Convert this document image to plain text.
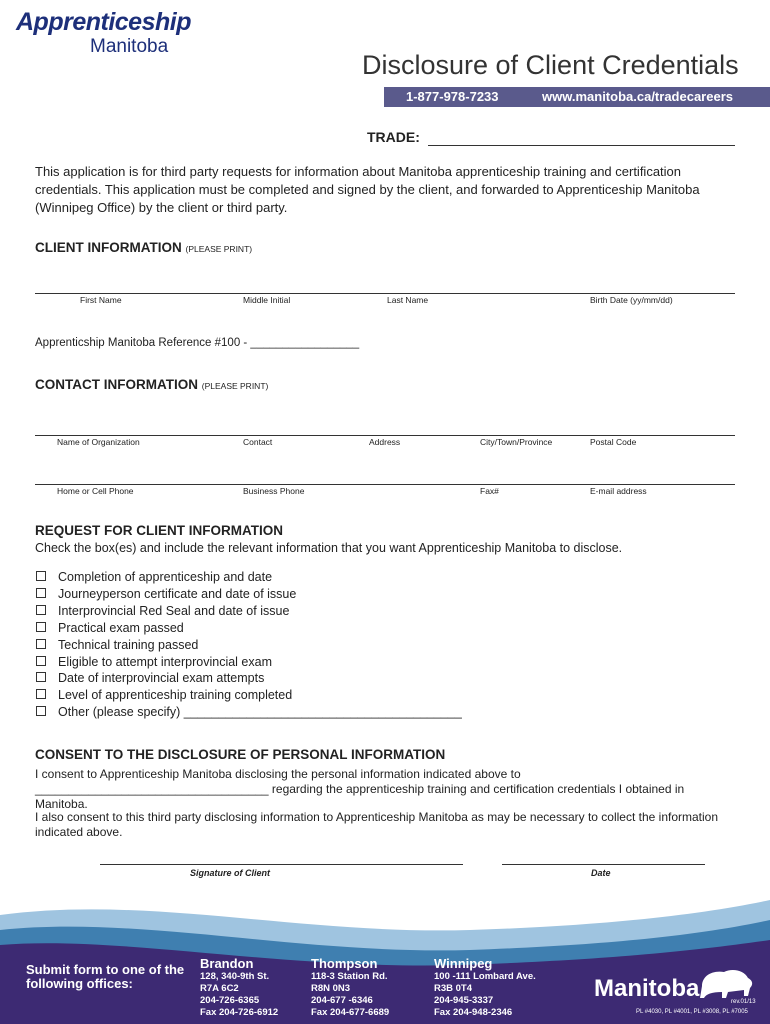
Apprenticeship
Manitoba
Disclosure of Client Credentials
1-877-978-7233	www.manitoba.ca/tradecareers
TRADE:
This application is for third party requests for information about Manitoba apprenticeship training and certification credentials. This application must be completed and signed by the client, and forwarded to Apprenticeship Manitoba (Winnipeg Office) by the client or third party.
CLIENT INFORMATION (PLEASE PRINT)
First Name	Middle Initial	Last Name	Birth Date (yy/mm/dd)
Apprenticship Manitoba Reference #100 - _________________
CONTACT INFORMATION (PLEASE PRINT)
Name of Organization	Contact	Address	City/Town/Province	Postal Code
Home or Cell Phone	Business Phone	Fax#	E-mail address
REQUEST FOR CLIENT INFORMATION
Check the box(es) and include the relevant information that you want Apprenticeship Manitoba to disclose.
Completion of apprenticeship and date
Journeyperson certificate and date of issue
Interprovincial Red Seal and date of issue
Practical exam passed
Technical training passed
Eligible to attempt interprovincial exam
Date of interprovincial exam attempts
Level of apprenticeship training completed
Other (please specify) ________________________________________
CONSENT TO THE DISCLOSURE OF PERSONAL INFORMATION
I consent to Apprenticeship Manitoba disclosing the personal information indicated above to ___________________________________ regarding the apprenticeship training and certification credentials I obtained in Manitoba.
I also consent to this third party disclosing information to Apprenticeship Manitoba as may be necessary to collect the information indicated above.
Signature of Client	Date
Submit form to one of the following offices:
Brandon
128, 340-9th St.
R7A 6C2
204-726-6365
Fax 204-726-6912
Thompson
118-3 Station Rd.
R8N 0N3
204-677 -6346
Fax 204-677-6689
Winnipeg
100 -111 Lombard Ave.
R3B 0T4
204-945-3337
Fax 204-948-2346
Manitoba	rev.01/13
PL #4030, PL #4001, PL #3008, PL #7005
